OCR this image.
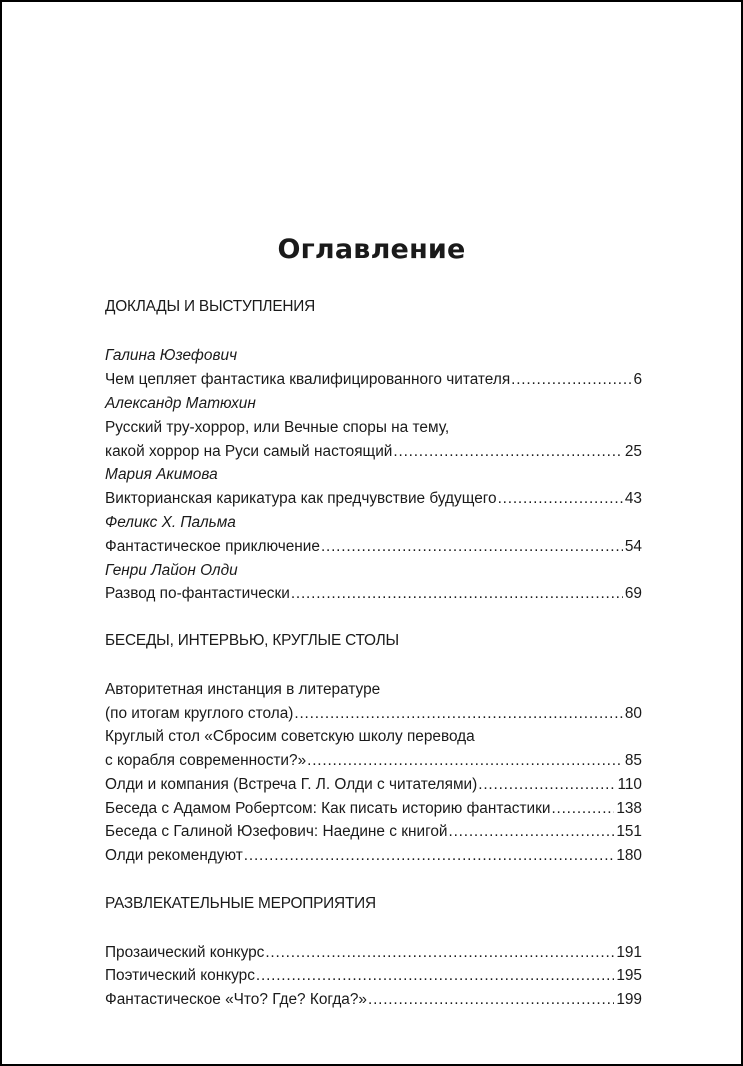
Оглавление
ДОКЛАДЫ И ВЫСТУПЛЕНИЯ
Галина Юзефович
Чем цепляет фантастика квалифицированного читателя .....	6
Александр Матюхин
Русский тру-хоррор, или Вечные споры на тему,
какой хоррор на Руси самый настоящий .....	25
Мария Акимова
Викторианская карикатура как предчувствие будущего .....	43
Феликс Х. Пальма
Фантастическое приключение .....	54
Генри Лайон Олди
Развод по-фантастически .....	69
БЕСЕДЫ, ИНТЕРВЬЮ, КРУГЛЫЕ СТОЛЫ
Авторитетная инстанция в литературе
(по итогам круглого стола) .....	80
Круглый стол «Сбросим советскую школу перевода
с корабля современности?» .....	85
Олди и компания (Встреча Г. Л. Олди с читателями) .....	110
Беседа с Адамом Робертсом: Как писать историю фантастики .....	138
Беседа с Галиной Юзефович: Наедине с книгой .....	151
Олди рекомендуют .....	180
РАЗВЛЕКАТЕЛЬНЫЕ МЕРОПРИЯТИЯ
Прозаический конкурс .....	191
Поэтический конкурс .....	195
Фантастическое «Что? Где? Когда?» .....	199
